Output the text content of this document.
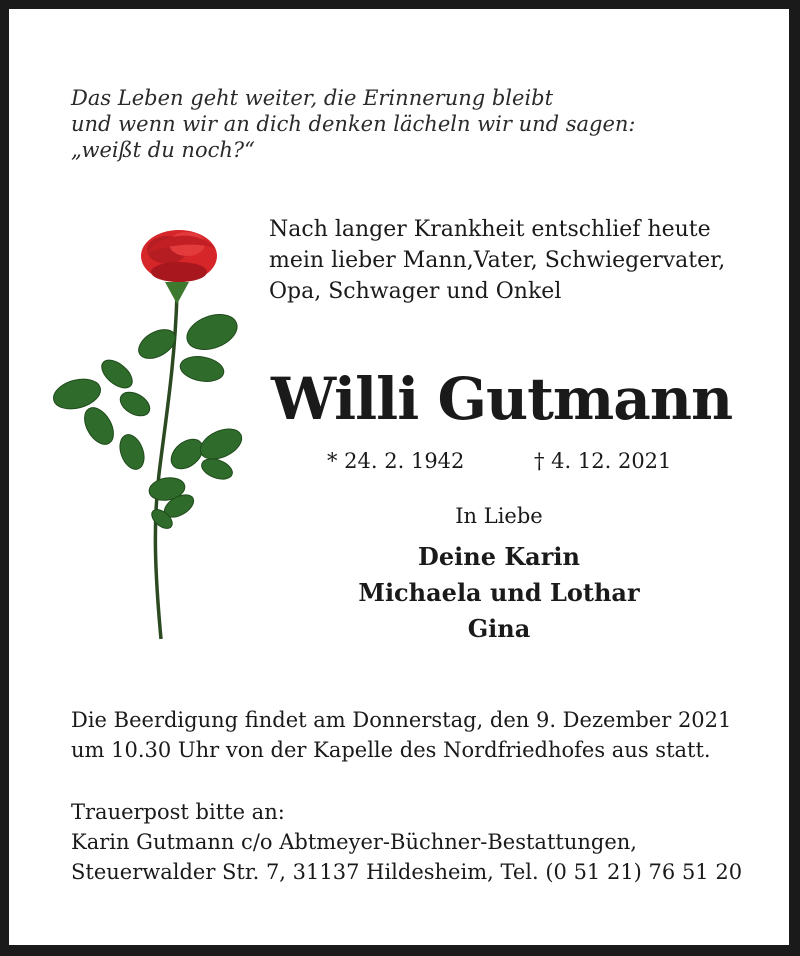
Das Leben geht weiter, die Erinnerung bleibt
und wenn wir an dich denken lächeln wir und sagen:
„weißt du noch?“
Nach langer Krankheit entschlief heute
mein lieber Mann,Vater, Schwiegervater,
Opa, Schwager und Onkel
Willi Gutmann
* 24. 2. 1942	† 4. 12. 2021
In Liebe
Deine Karin
Michaela und Lothar
Gina
Die Beerdigung findet am Donnerstag, den 9. Dezember 2021
um 10.30 Uhr von der Kapelle des Nordfriedhofes aus statt.
Trauerpost bitte an:
Karin Gutmann c/o Abtmeyer-Büchner-Bestattungen,
Steuerwalder Str. 7, 31137 Hildesheim, Tel. (0 51 21) 76 51 20
